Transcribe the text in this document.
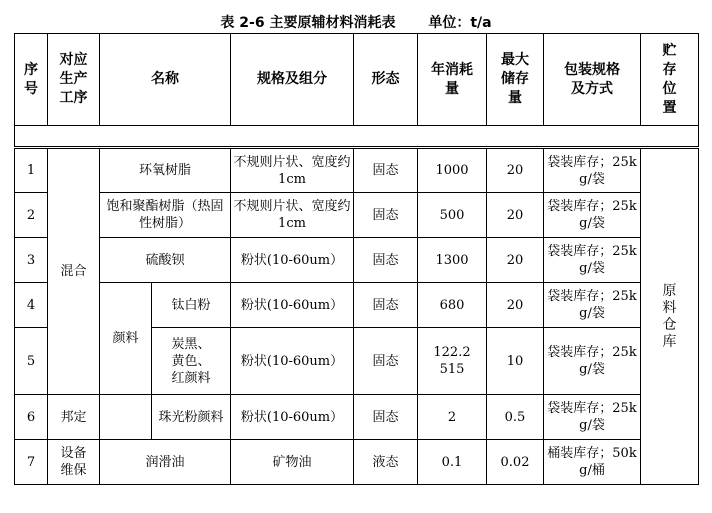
表 2-6 主要原辅材料消耗表 单位：t/a
序号	对应生产工序	名称		规格及组分	形态	年消耗量	最大储存量	包装规格及方式	贮存位置

1	混合	环氧树脂		不规则片状、宽度约 1cm	固态	1000	20	袋装库存；25kg/袋	原料仓库
2		饱和聚酯树脂（热固性树脂）		不规则片状、宽度约 1cm	固态	500	20	袋装库存；25kg/袋	
3		硫酸钡		粉状(10-60um）	固态	1300	20	袋装库存；25kg/袋	
4		颜料	钛白粉	粉状(10-60um）	固态	680	20	袋装库存；25kg/袋	
5			炭黑、黄色、红颜料	粉状(10-60um）	固态	122.2515	10	袋装库存；25kg/袋	
6	邦定		珠光粉颜料	粉状(10-60um）	固态	2	0.5	袋装库存；25kg/袋	
7	设备维保	润滑油		矿物油	液态	0.1	0.02	桶装库存；50kg/桶	
